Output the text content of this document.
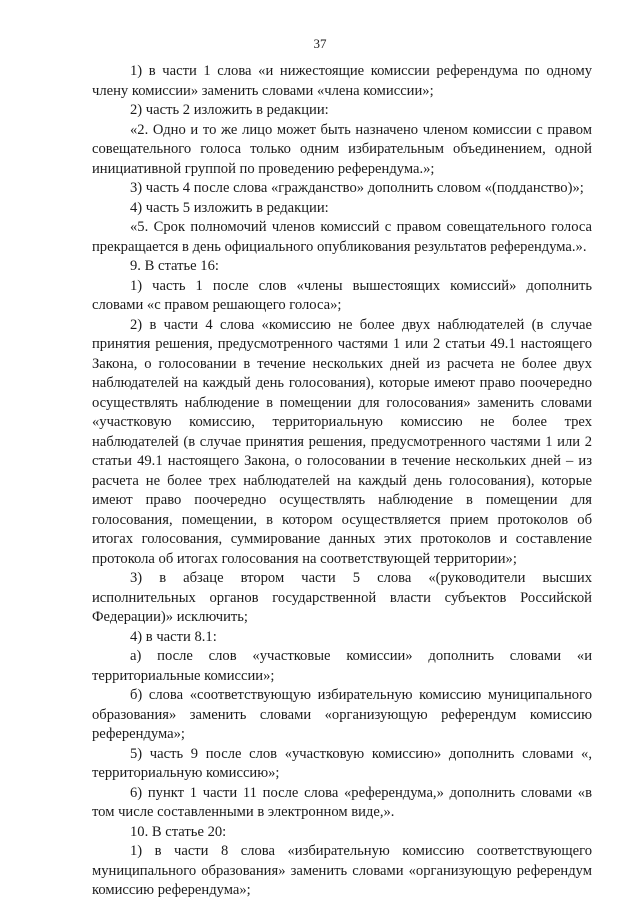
37

1) в части 1 слова «и нижестоящие комиссии референдума по одному члену комиссии» заменить словами «члена комиссии»;

2) часть 2 изложить в редакции:

«2. Одно и то же лицо может быть назначено членом комиссии с правом совещательного голоса только одним избирательным объединением, одной инициативной группой по проведению референдума.»;

3) часть 4 после слова «гражданство» дополнить словом «(подданство)»;

4) часть 5 изложить в редакции:

«5. Срок полномочий членов комиссий с правом совещательного голоса прекращается в день официального опубликования результатов референдума.».

9. В статье 16:

1) часть 1 после слов «члены вышестоящих комиссий» дополнить словами «с правом решающего голоса»;

2) в части 4 слова «комиссию не более двух наблюдателей (в случае принятия решения, предусмотренного частями 1 или 2 статьи 49.1 настоящего Закона, о голосовании в течение нескольких дней из расчета не более двух наблюдателей на каждый день голосования), которые имеют право поочередно осуществлять наблюдение в помещении для голосования» заменить словами «участковую комиссию, территориальную комиссию не более трех наблюдателей (в случае принятия решения, предусмотренного частями 1 или 2 статьи 49.1 настоящего Закона, о голосовании в течение нескольких дней – из расчета не более трех наблюдателей на каждый день голосования), которые имеют право поочередно осуществлять наблюдение в помещении для голосования, помещении, в котором осуществляется прием протоколов об итогах голосования, суммирование данных этих протоколов и составление протокола об итогах голосования на соответствующей территории»;

3) в абзаце втором части 5 слова «(руководители высших исполнительных органов государственной власти субъектов Российской Федерации)» исключить;

4) в части 8.1:

а) после слов «участковые комиссии» дополнить словами «и территориальные комиссии»;

б) слова «соответствующую избирательную комиссию муниципального образования» заменить словами «организующую референдум комиссию референдума»;

5) часть 9 после слов «участковую комиссию» дополнить словами «, территориальную комиссию»;

6) пункт 1 части 11 после слова «референдума,» дополнить словами «в том числе составленными в электронном виде,».

10. В статье 20:

1) в части 8 слова «избирательную комиссию соответствующего муниципального образования» заменить словами «организующую референдум комиссию референдума»;
